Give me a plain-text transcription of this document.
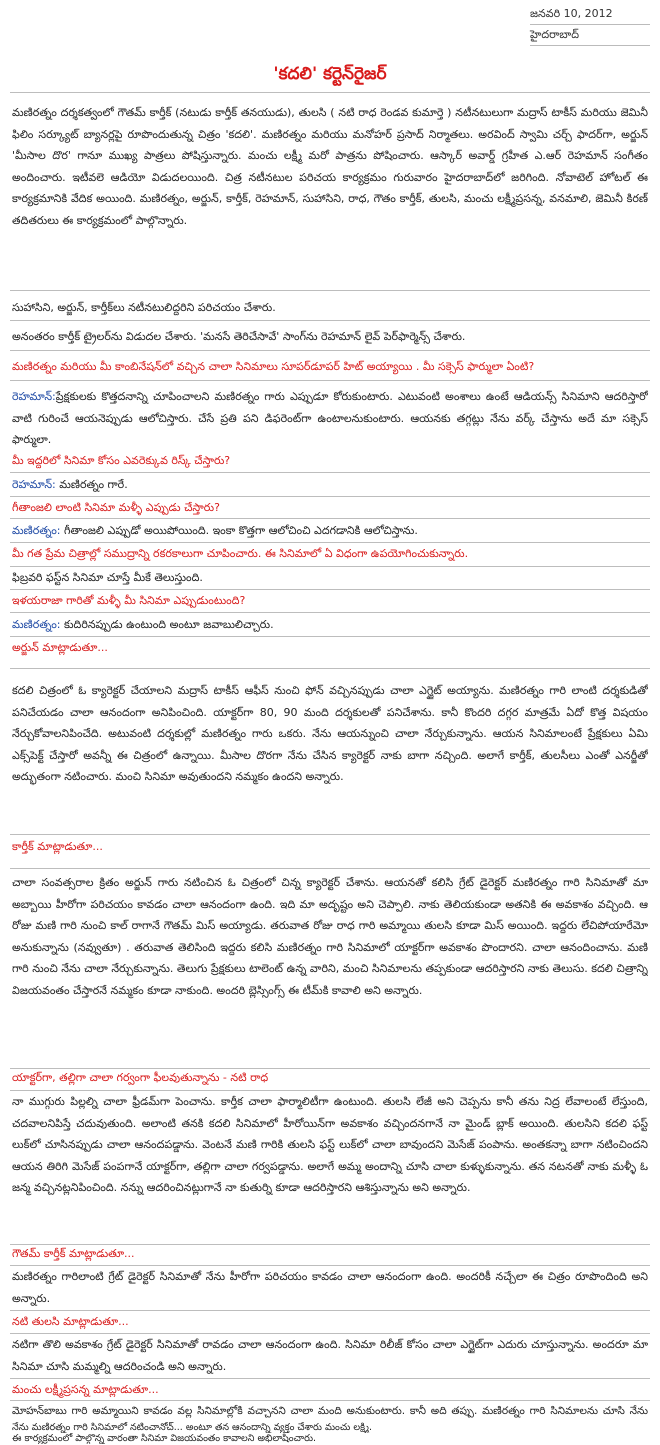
జనవరి 10, 2012
హైదరాబాద్
'కదలి' కర్టెన్‌రైజర్
మణిరత్నం దర్శకత్వంలో గౌతమ్ కార్తీక్ (నటుడు కార్తీక్ తనయుడు), తులసి ( నటి రాధ రెండవ కుమార్తె ) నటీనటులుగా మద్రాస్ టాకీస్ మరియు జెమినీ ఫిలిం సర్క్యూట్ బ్యానర్లపై రూపొందుతున్న చిత్రం 'కదలి'. మణిరత్నం మరియు మనోహర్ ప్రసాద్ నిర్మాతలు. అరవింద్ స్వామి చర్చ్ ఫాదర్‌గా, అర్జున్ 'మీసాల దొర' గానూ ముఖ్య పాత్రలు పోషిస్తున్నారు. మంచు లక్ష్మీ మరో పాత్రను పోషించారు. ఆస్కార్ అవార్డ్ గ్రహీత ఎ.ఆర్ రెహమాన్ సంగీతం అందించారు. ఇటీవలె ఆడియో విడుదలయింది. చిత్ర నటీనటుల పరిచయ కార్యక్రమం గురువారం హైదరాబాద్‌లో జరిగింది. నోవాటెల్ హోటల్ ఈ కార్యక్రమానికి వేదిక అయింది. మణిరత్నం, అర్జున్, కార్తీక్, రెహమాన్, సుహాసిని, రాధ, గౌతం కార్తీక్, తులసి, మంచు లక్ష్మీప్రసన్న, వనమాలి, జెమినీ కిరణ్ తదితరులు ఈ కార్యక్రమంలో పాల్గొన్నారు.
సుహాసిని, అర్జున్, కార్తీక్‌లు నటీనటులిద్దరిని పరిచయం చేశారు.
అనంతరం కార్తీక్ ట్రైలర్‌ను విడుదల చేశారు. 'మనసే తెరిచేసావే' సాంగ్‌ను రెహమాన్ లైవ్ పెర్‌ఫార్మెన్స్ చేశారు.
మణిరత్నం మరియు మీ కాంబినేషన్‌లో వచ్చిన చాలా సినిమాలు సూపర్‌డూపర్ హిట్ అయ్యాయి . మీ సక్సెస్ ఫార్ములా ఏంటి?
రెహమాన్:ప్రేక్షకులకు కొత్తదనాన్ని చూపించాలని మణిరత్నం గారు ఎప్పుడూ కోరుకుంటారు. ఎటువంటి అంశాలు ఉంటే ఆడియన్స్ సినిమాని ఆదరిస్తారో వాటి గురించే ఆయనెప్పుడు ఆలోచిస్తారు. చేసే ప్రతి పని డిఫరెంట్‌గా ఉంటాలనుకుంటారు. ఆయనకు తగ్గట్లు నేను వర్క్ చేస్తాను అదే మా సక్సెస్ ఫార్ములా.
మీ ఇద్దరిలో సినిమా కోసం ఎవరెక్కువ రిస్క్ చేస్తారు?
రెహమాన్: మణిరత్నం గారే.
గీతాంజలి లాంటి సినిమా మళ్ళీ ఎప్పుడు చేస్తారు?
మణిరత్నం: గీతాంజలి ఎప్పుడో అయిపోయింది. ఇంకా కొత్తగా ఆలోచించి ఎదగడానికి ఆలోచిస్తాను.
మీ గత ప్రేమ చిత్రాల్లో సముద్రాన్ని రకరకాలుగా చూపించారు. ఈ సినిమాలో ఏ విధంగా ఉపయోగించుకున్నారు.
ఫిబ్రవరి ఫస్ట్‌న సినిమా చూస్తే మీకే తెలుస్తుంది.
ఇళయరాజా గారితో మళ్ళీ మీ సినిమా ఎప్పుడుంటుంది?
మణిరత్నం: కుదిరినప్పుడు ఉంటుంది అంటూ జవాబులిచ్చారు.
అర్జున్ మాట్లాడుతూ...
కదలి చిత్రంలో ఓ క్యారెక్టర్ చేయాలని మద్రాస్ టాకీస్ ఆఫీస్ నుంచి ఫోన్ వచ్చినప్పుడు చాలా ఎగ్జైట్ అయ్యాను. మణిరత్నం గారి లాంటి దర్శకుడితో పనిచేయడం చాలా ఆనందంగా అనిపించింది. యాక్టర్‌గా 80, 90 మంది దర్శకులతో పనిచేశాను. కానీ కొందరి దగ్గర మాత్రమే ఏదో కొత్త విషయం నేర్చుకోవాలనిపించేది. అటువంటి దర్శకుల్లో మణిరత్నం గారు ఒకరు. నేను ఆయన్నుంచి చాలా నేర్చుకున్నాను. ఆయన సినిమాలంటే ప్రేక్షకులు ఏమి ఎక్స్‌పెక్ట్ చేస్తారో అవన్నీ ఈ చిత్రంలో ఉన్నాయి. మీసాల దొరగా నేను చేసిన క్యారెక్టర్ నాకు బాగా నచ్చింది. అలాగే కార్తీక్, తులసీలు ఎంతో ఎనర్జీతో అద్భుతంగా నటించారు. మంచి సినిమా అవుతుందని నమ్మకం ఉందని అన్నారు.
కార్తీక్ మాట్లాడుతూ...
చాలా సంవత్సరాల క్రితం అర్జున్ గారు నటించిన ఓ చిత్రంలో చిన్న క్యారెక్టర్ చేశాను. ఆయనతో కలిసి గ్రేట్ డైరెక్టర్ మణిరత్నం గారి సినిమాతో మా అబ్బాయి హీరోగా పరిచయం కావడం చాలా ఆనందంగా ఉంది. ఇది మా అదృష్టం అని చెప్పాలి. నాకు తెలియకుండా అతనికి ఈ అవకాశం వచ్చింది. ఆ రోజు మణి గారి నుంచి కాల్ రాగానే గౌతమ్ మిస్ అయ్యాడు. తరువాత రోజు రాధ గారి అమ్మాయి తులసి కూడా మిస్ అయింది. ఇద్దరు లేచిపోయారేమో అనుకున్నాను (నవ్వుతూ) . తరువాత తెలిసింది ఇద్దరు కలిసి మణిరత్నం గారి సినిమాలో యాక్టర్‌గా అవకాశం పొందారని. చాలా ఆనందించాను. మణి గారి నుంచి నేను చాలా నేర్చుకున్నాను. తెలుగు ప్రేక్షకులు టాలెంట్ ఉన్న వారిని, మంచి సినిమాలను తప్పకుండా ఆదరిస్తారని నాకు తెలుసు. కదలి చిత్రాన్ని విజయవంతం చేస్తారనే నమ్మకం కూడా నాకుంది. అందరి బ్లెస్సింగ్స్ ఈ టీమ్‌కి కావాలి అని అన్నారు.
యాక్టర్‌గా, తల్లిగా చాలా గర్వంగా ఫీలవుతున్నాను - నటి రాధ
నా ముగ్గురు పిల్లల్ని చాలా ఫ్రీడమ్‌గా పెంచాను. కార్తీక చాలా ఫార్మాలిటీగా ఉంటుంది. తులసి లేజీ అని చెప్పను కానీ తను నిద్ర లేవాలంటే లేస్తుంది, చదవాలనిపిస్తే చదువుతుంది. అలాంటి తనకి కదలి సినిమాలో హీరోయిన్‌గా అవకాశం వచ్చిందనగానే నా మైండ్ బ్లాక్ అయింది. తులసిని కదలి ఫస్ట్ లుక్‌లో చూసినప్పుడు చాలా ఆనందపడ్డాను. వెంటనే మణి గారికి తులసి ఫస్ట్ లుక్‌లో చాలా బావుందని మెసేజ్ పంపాను. అంతకన్నా బాగా నటించిందని ఆయన తిరిగి మెసేజ్ పంపగానే యాక్టర్‌గా, తల్లిగా చాలా గర్వపడ్డాను. అలాగే అమ్మ అందాన్ని చూసి చాలా కుళ్ళుకున్నాను. తన నటనతో నాకు మళ్ళీ ఓ జన్మ వచ్చినట్లనిపించింది. నన్ను ఆదరించినట్లుగానే నా కుతుర్ని కూడా ఆదరిస్తారని ఆశిస్తున్నాను అని అన్నారు.
గౌతమ్ కార్తీక్ మాట్లాడుతూ...
మణిరత్నం గారిలాంటి గ్రేట్ డైరెక్టర్ సినిమాతో నేను హీరోగా పరిచయం కావడం చాలా ఆనందంగా ఉంది. అందరికీ నచ్చేలా ఈ చిత్రం రూపొందింది అని అన్నారు.
నటి తులసి మాట్లాడుతూ...
నటిగా తొలి అవకాశం గ్రేట్ డైరెక్టర్ సినిమాతో రావడం చాలా ఆనందంగా ఉంది. సినిమా రిలీజ్ కోసం చాలా ఎగ్జైట్‌గా ఎదురు చూస్తున్నాను. అందరూ మా సినిమా చూసి మమ్మల్ని ఆదరించండి అని అన్నారు.
మంచు లక్ష్మీప్రసన్న మాట్లాడుతూ...
మోహన్‌బాబు గారి అమ్మాయిని కావడం వల్ల సినిమాల్లోకి వచ్చానని చాలా మంది అనుకుంటారు. కానీ అది తప్పు. మణిరత్నం గారి సినిమాలను చూసి నేను
నేను మణిరత్నం గారి సినిమాలో నటించానోచ్... అంటూ తన ఆనందాన్ని వ్యక్తం చేశారు మంచు లక్ష్మి.
ఈ కార్యక్రమంలో పాల్గొన్న వారంతా సినిమా విజయవంతం కావాలని అభిలాషించారు.
